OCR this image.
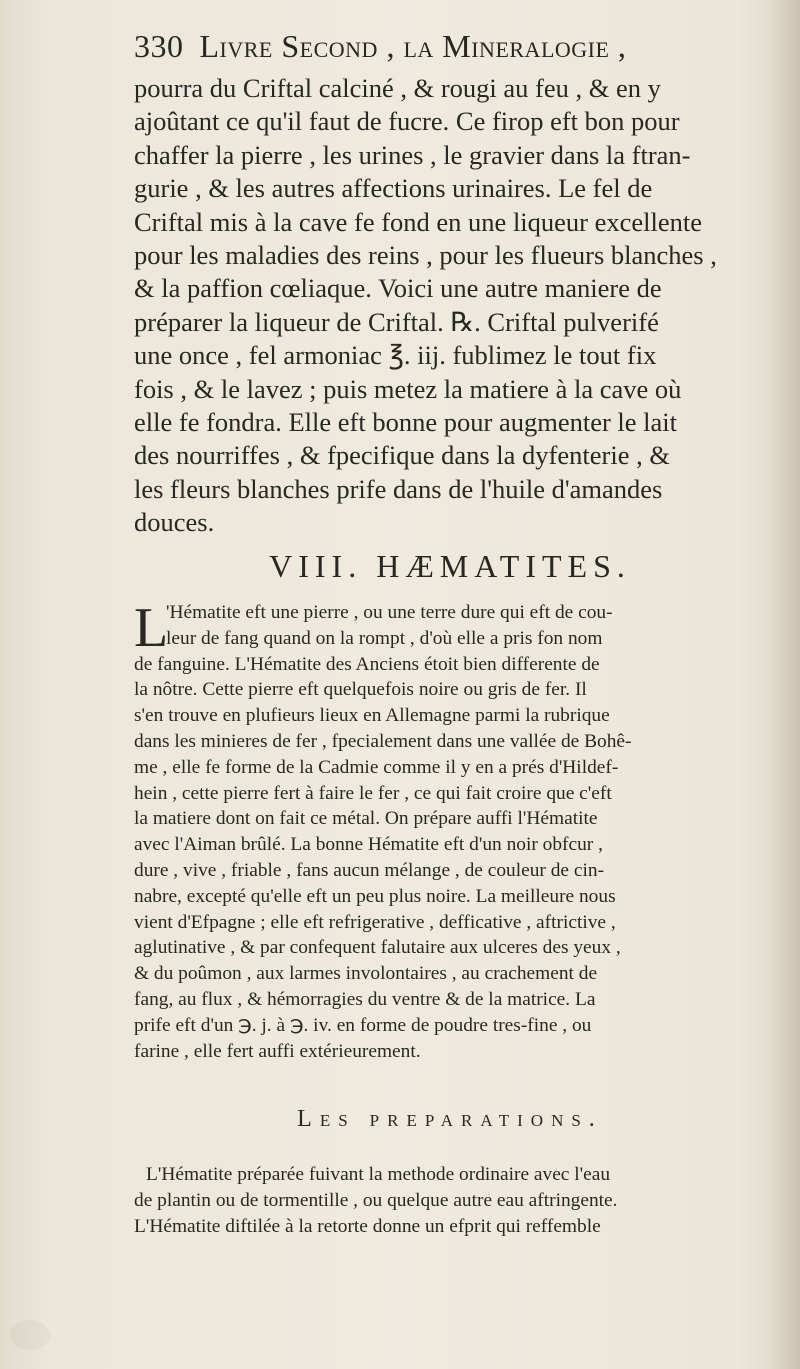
330 Livre Second , la Mineralogie ,
pourra du Criftal calciné , & rougi au feu , & en y
ajoûtant ce qu'il faut de fucre. Ce firop eft bon pour
chaffer la pierre , les urines , le gravier dans la ftran-
gurie , & les autres affections urinaires. Le fel de
Criftal mis à la cave fe fond en une liqueur excellente
pour les maladies des reins , pour les flueurs blanches ,
& la paffion cœliaque. Voici une autre maniere de
préparer la liqueur de Criftal. ℞. Criftal pulverifé
une once , fel armoniac ℥. iij. fublimez le tout fix
fois , & le lavez ; puis metez la matiere à la cave où
elle fe fondra. Elle eft bonne pour augmenter le lait
des nourriffes , & fpecifique dans la dyfenterie , &
les fleurs blanches prife dans de l'huile d'amandes
douces.
VIII. HÆMATITES.
L
'Hématite eft une pierre , ou une terre dure qui eft de cou-
leur de fang quand on la rompt , d'où elle a pris fon nom
de fanguine. L'Hématite des Anciens étoit bien differente de
la nôtre. Cette pierre eft quelquefois noire ou gris de fer. Il
s'en trouve en plufieurs lieux en Allemagne parmi la rubrique
dans les minieres de fer , fpecialement dans une vallée de Bohê-
me , elle fe forme de la Cadmie comme il y en a prés d'Hildef-
hein , cette pierre fert à faire le fer , ce qui fait croire que c'eft
la matiere dont on fait ce métal. On prépare auffi l'Hématite
avec l'Aiman brûlé. La bonne Hématite eft d'un noir obfcur ,
dure , vive , friable , fans aucun mélange , de couleur de cin-
nabre, excepté qu'elle eft un peu plus noire. La meilleure nous
vient d'Efpagne ; elle eft refrigerative , defficative , aftrictive ,
aglutinative , & par confequent falutaire aux ulceres des yeux ,
& du poûmon , aux larmes involontaires , au crachement de
fang, au flux , & hémorragies du ventre & de la matrice. La
prife eft d'un ℈. j. à ℈. iv. en forme de poudre tres-fine , ou
farine , elle fert auffi extérieurement.
Les preparations.
L'Hématite préparée fuivant la methode ordinaire avec l'eau
de plantin ou de tormentille , ou quelque autre eau aftringente.
L'Hématite diftilée à la retorte donne un efprit qui reffemble
